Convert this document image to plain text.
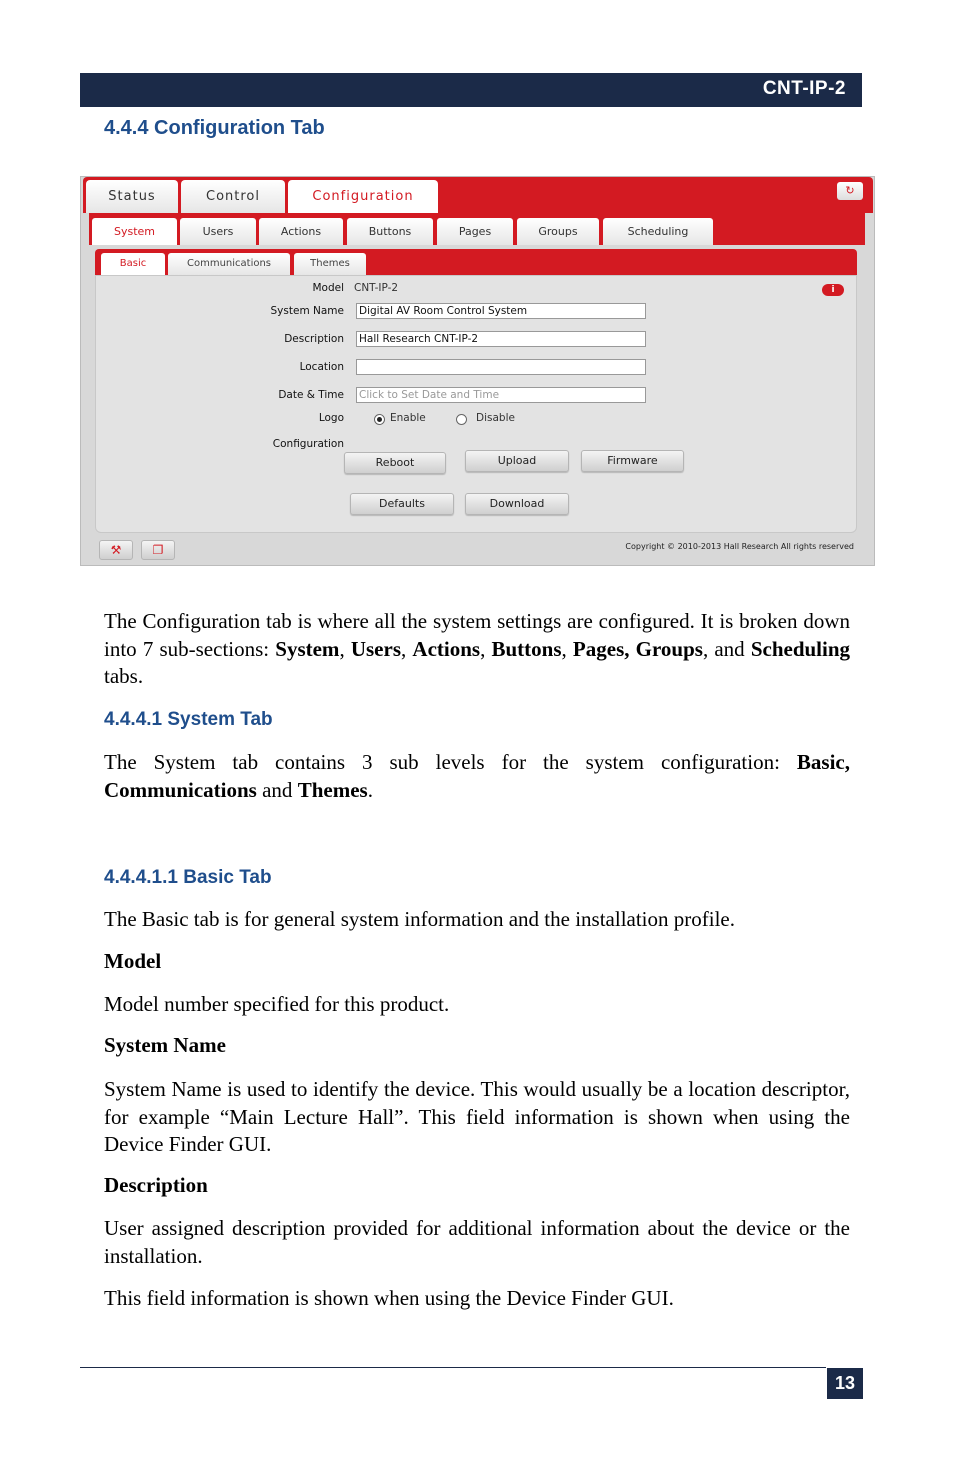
CNT-IP-2
4.4.4 Configuration Tab
Status	Control	Configuration	↻
System	Users	Actions	Buttons	Pages	Groups	Scheduling
Basic	Communications	Themes
i
Model CNT-IP-2
System Name Digital AV Room Control System
Description Hall Research CNT-IP-2
Location
Date & Time Click to Set Date and Time
Logo	Enable	Disable
Configuration
Reboot	Upload	Firmware
Defaults	Download
⚒	❐	Copyright © 2010-2013 Hall Research All rights reserved

The Configuration tab is where all the system settings are configured. It is broken down into 7 sub-sections: System, Users, Actions, Buttons, Pages, Groups, and Scheduling tabs.

4.4.4.1 System Tab

The System tab contains 3 sub levels for the system configuration: Basic, Communications and Themes.

4.4.4.1.1 Basic Tab

The Basic tab is for general system information and the installation profile.

Model

Model number specified for this product.

System Name

System Name is used to identify the device. This would usually be a location descriptor, for example “Main Lecture Hall”. This field information is shown when using the Device Finder GUI.

Description

User assigned description provided for additional information about the device or the installation.

This field information is shown when using the Device Finder GUI.

13
